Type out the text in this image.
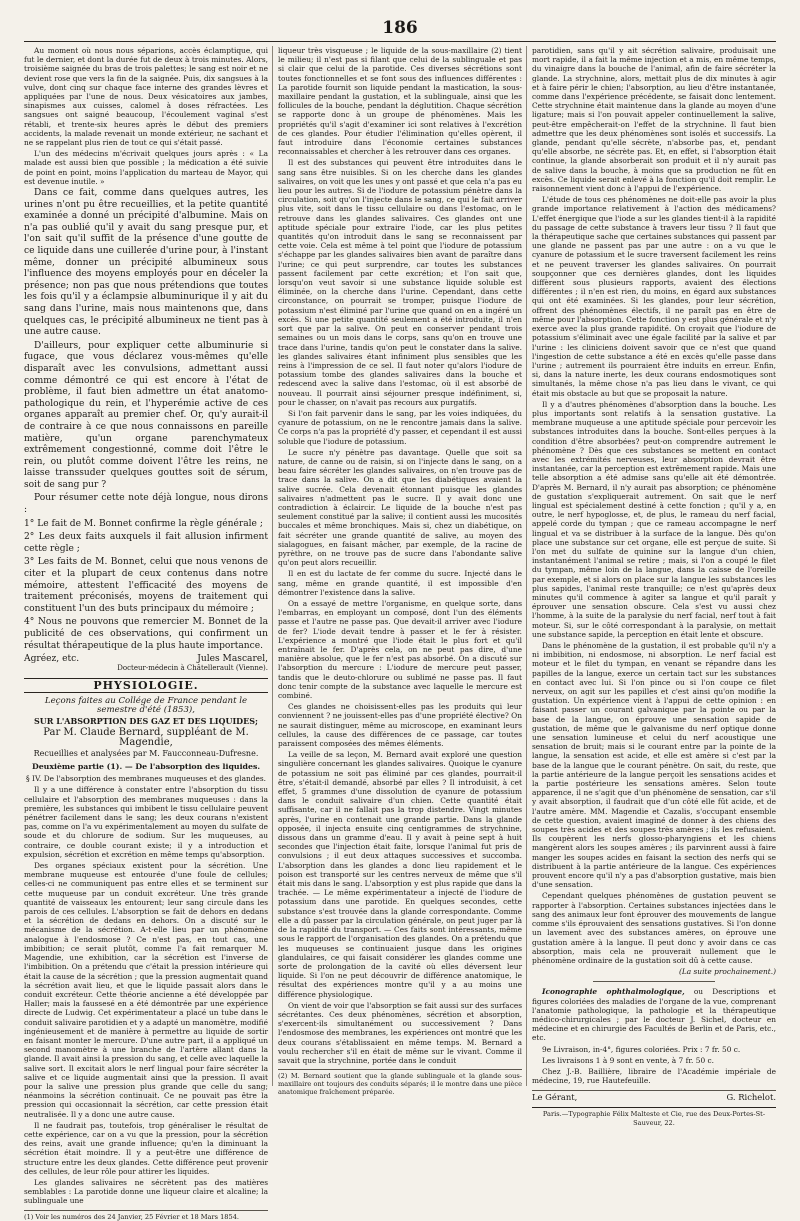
186

Au moment où nous nous séparions, accès éclamptique, qui fut le dernier, et dont la durée fut de deux à trois minutes. Alors, troisième saignée du bras de trois palettes; le sang est noir et ne devient rose que vers la fin de la saignée. Puis, dix sangsues à la vulve, dont cinq sur chaque face interne des grandes lèvres et appliquées par l'une de nous. Deux vésicatoires aux jambes, sinapismes aux cuisses, calomel à doses réfractées. Les sangsues ont saigné beaucoup, l'écoulement vaginal s'est rétabli, et trente-six heures après le début des premiers accidents, la malade revenait un monde extérieur, ne sachant et ne se rappelant plus rien de tout ce qui s'était passé.

L'un des médecins m'écrivait quelques jours après : « La malade est aussi bien que possible ; la médication a été suivie de point en point, moins l'application du marteau de Mayor, qui est devenue inutile. »

Dans ce fait, comme dans quelques autres, les urines n'ont pu être recueillies, et la petite quantité examinée a donné un précipité d'albumine. Mais on n'a pas oublié qu'il y avait du sang presque pur, et l'on sait qu'il suffit de la présence d'une goutte de ce liquide dans une cuillerée d'urine pour, à l'instant même, donner un précipité albumineux sous l'influence des moyens employés pour en déceler la présence; non pas que nous prétendions que toutes les fois qu'il y a éclampsie albuminurique il y ait du sang dans l'urine, mais nous maintenons que, dans quelques cas, le précipité albumineux ne tient pas à une autre cause.

D'ailleurs, pour expliquer cette albuminurie si fugace, que vous déclarez vous-mêmes qu'elle disparaît avec les convulsions, admettant aussi comme démontré ce qui est encore à l'état de problème, il faut bien admettre un état anatomo-pathologique du rein, et l'hyperémie active de ces organes apparaît au premier chef. Or, qu'y aurait-il de contraire à ce que nous connaissons en pareille matière, qu'un organe parenchymateux extrêmement congestionné, comme doit l'être le rein, ou plutôt comme doivent l'être les reins, ne laisse transsuder quelques gouttes soit de sérum, soit de sang pur ?

Pour résumer cette note déjà longue, nous dirons :

1° Le fait de M. Bonnet confirme la règle générale ;
2° Les deux faits auxquels il fait allusion infirment cette règle ;
3° Les faits de M. Bonnet, celui que nous venons de citer et la plupart de ceux contenus dans notre mémoire, attestent l'efficacité des moyens de traitement préconisés, moyens de traitement qui constituent l'un des buts principaux du mémoire ;
4° Nous ne pouvons que remercier M. Bonnet de la publicité de ces observations, qui confirment un résultat thérapeutique de la plus haute importance.
Agréez, etc.	Jules Mascarel,
Docteur-médecin à Châtellerault (Vienne).
PHYSIOLOGIE.
Leçons faites au Collége de France pendant le semestre d'été (1853),
SUR L'ABSORPTION DES GAZ ET DES LIQUIDES;
Par M. Claude Bernard, suppléant de M. Magendie,
Recueillies et analysées par M. Faucconneau-Dufresne.
Deuxième partie (1). — De l'absorption des liquides.

§ IV. De l'absorption des membranes muqueuses et des glandes.

Il y a une différence à constater entre l'absorption du tissu cellulaire et l'absorption des membranes muqueuses : dans la première, les substances qui imbibent le tissu cellulaire peuvent pénétrer facilement dans le sang; les deux courans n'existent pas, comme on l'a vu expérimentalement au moyen du sulfate de soude et du chlorure de sodium. Sur les muqueuses, au contraire, ce double courant existe; il y a introduction et expulsion, sécrétion et excrétion en même temps qu'absorption.

Des organes spéciaux existent pour la sécrétion. Une membrane muqueuse est entourée d'une foule de cellules; celles-ci ne communiquent pas entre elles et se terminent sur cette muqueuse par un conduit excréteur. Une très grande quantité de vaisseaux les entourent; leur sang circule dans les parois de ces cellules. L'absorption se fait de dehors en dedans et la sécrétion de dedans en dehors. On a discuté sur le mécanisme de la sécrétion. A-t-elle lieu par un phénomène analogue à l'endosmose ? Ce n'est pas, en tout cas, une imbibition; ce serait plutôt, comme l'a fait remarquer M. Magendie, une exhibition, car la sécrétion est l'inverse de l'imbibition. On a prétendu que c'était la pression intérieure qui était la cause de la sécrétion ; que la pression augmentait quand la sécrétion avait lieu, et que le liquide passait alors dans le conduit excréteur. Cette théorie ancienne a été développée par Haller; mais la faussesé en a été démontrée par une expérience directe de Ludwig. Cet expérimentateur a placé un tube dans le conduit salivaire parotidien et y a adapté un manomètre, modifié ingénieusement et de manière à permettre au liquide de sortir en faisant monter le mercure. D'une autre part, il a appliqué un second manomètre à une branche de l'artère allant dans la glande. Il avait ainsi la pression du sang, et celle avec laquelle la salive sort. Il excitait alors le nerf lingual pour faire sécréter la salive et ce liquide augmentait ainsi que la pression. Il avait pour la salive une pression plus grande que celle du sang; néanmoins la sécrétion continuait. Ce ne pouvait pas être la pression qui occasionnait la sécrétion, car cette pression était neutralisée. Il y a donc une autre cause.

Il ne faudrait pas, toutefois, trop généraliser le résultat de cette expérience, car on a vu que la pression, pour la sécrétion des reins, avait une grande influence; qu'en la diminuant la sécrétion était moindre. Il y a peut-être une différence de structure entre les deux glandes. Cette différence peut provenir des cellules, de leur rôle pour attirer les liquides.

Les glandes salivaires ne sécrètent pas des matières semblables : La parotide donne une liqueur claire et alcaline; la sublinguale une

(1) Voir les numéros des 24 Janvier, 25 Février et 18 Mars 1854.

liqueur très visqueuse ; le liquide de la sous-maxillaire (2) tient le milieu; il n'est pas si filant que celui de la sublinguale et pas si clair que celui de la parotide. Ces diverses sécrétions sont toutes fonctionnelles et se font sous des influences différentes : La parotide fournit son liquide pendant la mastication, la sous-maxillaire pendant la gustation, et la sublinguale, ainsi que les follicules de la bouche, pendant la déglutition. Chaque sécrétion se rapporte donc à un groupe de phénomènes. Mais les propriétés qu'il s'agit d'examiner ici sont relatives à l'excrétion de ces glandes. Pour étudier l'élimination qu'elles opèrent, il faut introduire dans l'économie certaines substances reconnaissables et chercher à les retrouver dans ces organes.

Il est des substances qui peuvent être introduites dans le sang sans être nuisibles. Si on les cherche dans les glandes salivaires, on voit que les unes y ont passé et que cela n'a pas eu lieu pour les autres. Si de l'iodure de potassium pénètre dans la circulation, soit qu'on l'injecte dans le sang, ce qui le fait arriver plus vite, soit dans le tissu cellulaire ou dans l'estomac, on le retrouve dans les glandes salivaires. Ces glandes ont une aptitude spéciale pour extraire l'iode, car les plus petites quantités qu'on introduit dans le sang se reconnaissent par cette voie. Cela est même à tel point que l'iodure de potassium s'échappe par les glandes salivaires bien avant de paraître dans l'urine; ce qui peut surprendre, car toutes les substances passent facilement par cette excrétion; et l'on sait que, lorsqu'on veut savoir si une substance liquide soluble est éliminée, on la cherche dans l'urine. Cependant, dans cette circonstance, on pourrait se tromper, puisque l'iodure de potassium n'est éliminé par l'urine que quand on en a ingéré un excès. Si une petite quantité seulement a été introduite, il n'en sort que par la salive. On peut en conserver pendant trois semaines ou un mois dans le corps, sans qu'on en trouve une trace dans l'urine, tandis qu'on peut le constater dans la salive. les glandes salivaires étant infiniment plus sensibles que les reins à l'impression de ce sel. Il faut noter qu'alors l'iodure de potassium tombe des glandes salivaires dans la bouche et redescend avec la salive dans l'estomac, où il est absorbé de nouveau. Il pourrait ainsi séjourner presque indéfiniment, si, pour le chasser, on n'avait pas recours aux purgatifs.

Si l'on fait parvenir dans le sang, par les voies indiquées, du cyanure de potassium, on ne le rencontre jamais dans la salive. Ce corps n'a pas la propriété d'y passer, et cependant il est aussi soluble que l'iodure de potassium.

Le sucre n'y pénètre pas davantage. Quelle que soit sa nature, de canne ou de raisin, si on l'injecte dans le sang, on a beau faire sécréter les glandes salivaires, on n'en trouve pas de trace dans la salive. On a dit que les diabétiques avaient la salive sucrée. Cela devenait étonnant puisque les glandes salivaires n'admettent pas le sucre. Il y avait donc une contradiction à éclaircir. Le liquide de la bouche n'est pas seulement constitué par la salive; il contient aussi les mucosités buccales et même bronchiques. Mais si, chez un diabétique, on fait sécréter une grande quantité de salive, au moyen des sialagogues, en faisant mâcher, par exemple, de la racine de pyrèthre, on ne trouve pas de sucre dans l'abondante salive qu'on peut alors recueillir.

Il en est du lactate de fer comme du sucre. Injecté dans le sang, même en grande quantité, il est impossible d'en démontrer l'existence dans la salive.

On a essayé de mettre l'organisme, en quelque sorte, dans l'embarras, en employant un composé, dont l'un des éléments passe et l'autre ne passe pas. Que devait-il arriver avec l'iodure de fer? L'iode devait tendre à passer et le fer à résister. L'expérience a montré que l'iode était le plus fort et qu'il entraînait le fer. D'après cela, on ne peut pas dire, d'une manière absolue, que le fer n'est pas absorbé. On a discuté sur l'absorption du mercure : L'iodure de mercure peut passer, tandis que le deuto-chlorure ou sublimé ne passe pas. Il faut donc tenir compte de la substance avec laquelle le mercure est combiné.

Ces glandes ne choisissent-elles pas les produits qui leur conviennent ? ne jouissent-elles pas d'une propriété élective? On ne saurait distinguer, même au microscope, en examinant leurs cellules, la cause des différences de ce passage, car toutes paraissent composées des mêmes éléments.

La veille de sa leçon, M. Bernard avait exploré une question singulière concernant les glandes salivaires. Quoique le cyanure de potassium ne soit pas éliminé par ces glandes, pourrait-il être, s'était-il demandé, absorbé par elles ? Il introduisit, à cet effet, 5 grammes d'une dissolution de cyanure de potassium dans le conduit salivaire d'un chien. Cette quantité était suffisante, car il ne fallait pas la trop distendre. Vingt minutes après, l'urine en contenait une grande partie. Dans la glande opposée, il injecta ensuite cinq centigrammes de strychnine, dissous dans un gramme d'eau. Il y avait à peine sept à huit secondes que l'injection était faite, lorsque l'animal fut pris de convulsions ; il eut deux attaques successives et succomba. L'absorption dans les glandes a donc lieu rapidement et le poison est transporté sur les centres nerveux de même que s'il était mis dans le sang. L'absorption y est plus rapide que dans la trachée. — Le même expérimentateur a injecté de l'iodure de potassium dans une parotide. En quelques secondes, cette substance s'est trouvée dans la glande correspondante. Comme elle a dû passer par la circulation générale, on peut juger par là de la rapidité du transport. — Ces faits sont intéressants, même sous le rapport de l'organisation des glandes. On a prétendu que les muqueuses se continuaient jusque dans les origines glandulaires, ce qui faisait considérer les glandes comme une sorte de prolongation de la cavité où elles déversent leur liquide. Si l'on ne peut découvrir de différence anatomique, le résultat des expériences montre qu'il y a au moins une différence physiologique.

On vient de voir que l'absorption se fait aussi sur des surfaces sécrétantes. Ces deux phénomènes, sécrétion et absorption, s'exercent-ils simultanément ou successivement ? Dans l'endosmose des membranes, les expériences ont montré que les deux courans s'établissaient en même temps. M. Bernard a voulu rechercher s'il en était de même sur le vivant. Comme il savait que la strychnine, portée dans le conduit

(2) M. Bernard soutient que la glande sublinguale et la glande sous-maxillaire ont toujours des conduits séparés; il le montre dans une pièce anatomique fraîchement préparée.

parotidien, sans qu'il y ait sécrétion salivaire, produisait une mort rapide, il a fait la même injection et a mis, en même temps, du vinaigre dans la bouche de l'animal, afin de faire sécréter la glande. La strychnine, alors, mettait plus de dix minutes à agir et à faire périr le chien; l'absorption, au lieu d'être instantanée, comme dans l'expérience précédente, se faisait donc lentement. Cette strychnine était maintenue dans la glande au moyen d'une ligature; mais si l'on pouvait appeler continuellement la salive, peut-être empêcherait-on l'effet de la strychnine. Il faut bien admettre que les deux phénomènes sont isolés et successifs. La glande, pendant qu'elle sécrète, n'absorbe pas, et, pendant qu'elle absorbe, ne sécrète pas. Et, en effet, si l'absorption était continue, la glande absorberait son produit et il n'y aurait pas de salive dans la bouche, à moins que sa production ne fût en excès. Ce liquide serait enlevé à la fonction qu'il doit remplir. Le raisonnement vient donc à l'appui de l'expérience.

L'étude de tous ces phénomènes ne doit-elle pas avoir la plus grande importance relativement à l'action des médicamens? L'effet énergique que l'iode a sur les glandes tient-il à la rapidité du passage de cette substance à travers leur tissu ? Il faut que la thérapeutique sache que certaines substances qui passent par une glande ne passent pas par une autre : on a vu que le cyanure de potassium et le sucre traversent facilement les reins et ne peuvent traverser les glandes salivaires. On pourrait soupçonner que ces dernières glandes, dont les liquides diffèrent sous plusieurs rapports, avaient des élections différentes ; il n'en est rien, du moins, en égard aux substances qui ont été examinées. Si les glandes, pour leur sécrétion, offrent des phénomènes électifs, il ne paraît pas en être de même pour l'absorption. Cette fonction y est plus générale et n'y exerce avec la plus grande rapidité. On croyait que l'iodure de potassium s'éliminait avec une égale facilité par la salive et par l'urine : les cliniciens doivent savoir que ce n'est que quand l'ingestion de cette substance a été en excès qu'elle passe dans l'urine ; autrement ils pourraient être induits en erreur. Enfin, si, dans la nature inerte, les deux courans endosmotiques sont simultanés, la même chose n'a pas lieu dans le vivant, ce qui était mis obstacle au but que se proposait la nature.

Il y a d'autres phénomènes d'absorption dans la bouche. Les plus importants sont relatifs à la sensation gustative. La membrane muqueuse a une aptitude spéciale pour percevoir les substances introduites dans la bouche. Sont-elles perçues à la condition d'être absorbées? peut-on comprendre autrement le phénomène ? Dès que ces substances se mettent en contact avec les extrémités nerveuses, leur absorption devrait être instantanée, car la perception est extrêmement rapide. Mais une telle absorption a été admise sans qu'elle ait été démontrée. D'après M. Bernard, il n'y aurait pas absorption; ce phénomène de gustation s'expliquerait autrement. On sait que le nerf lingual est spécialement destiné à cette fonction ; qu'il y a, en outre, le nerf hypoglosse, et, de plus, le rameau du nerf facial, appelé corde du tympan ; que ce rameau accompagne le nerf lingual et va se distribuer à la surface de la langue. Dès qu'on place une substance sur cet organe, elle est perçue de suite. Si l'on met du sulfate de quinine sur la langue d'un chien, instantanément l'animal se retire ; mais, si l'on a coupé le filet du tympan, même loin de la langue, dans la caisse de l'oreille par exemple, et si alors on place sur la langue les substances les plus sapides, l'animal reste tranquille; ce n'est qu'après deux minutes qu'il commence à agiter sa langue et qu'il paraît y éprouver une sensation obscure. Cela s'est vu aussi chez l'homme, à la suite de la paralysie du nerf facial, nerf tout à fait moteur. Si, sur le côté correspondant à la paralysie, on mettait une substance sapide, la perception en était lente et obscure.

Dans le phénomène de la gustation, il est probable qu'il n'y a ni imbibition, ni endosmose, ni absorption. Le nerf facial est moteur et le filet du tympan, en venant se répandre dans les papilles de la langue, exerce un certain tact sur les substances en contact avec lui. Si l'on pince ou si l'on coupe ce filet nerveux, on agit sur les papilles et c'est ainsi qu'on modifie la gustation. Un expérience vient à l'appui de cette opinion : en faisant passer un courant galvanique par la pointe ou par la base de la langue, on éprouve une sensation sapide de gustation, de même que le galvanisme du nerf optique donne une sensation lumineuse et celui du nerf acoustique une sensation de bruit; mais si le courant entre par la pointe de la langue, la sensation est acide, et elle est amère si c'est par la base de la langue que le courant pénètre. On sait, du reste, que la partie antérieure de la langue perçoit les sensations acides et la partie postérieure les sensations amères. Selon toute apparence, il ne s'agit que d'un phénomène de sensation, car s'il y avait absorption, il faudrait que d'un côté elle fût acide, et de l'autre amère. MM. Magendie et Cazalis, s'occupant ensemble de cette question, avaient imaginé de donner à des chiens des soupes très acides et des soupes très amères ; ils les refusaient. Ils coupèrent les nerfs glosso-pharyngiens et les chiens mangèrent alors les soupes amères ; ils parvinrent aussi à faire manger les soupes acides en faisant la section des nerfs qui se distribuent à la partie antérieure de la langue. Ces expériences prouvent encore qu'il n'y a pas d'absorption gustative, mais bien d'une sensation.

Cependant quelques phénomènes de gustation peuvent se rapporter à l'absorption. Certaines substances injectées dans le sang des animaux leur font éprouver des mouvements de langue comme s'ils éprouvaient des sensations gustatives. Si l'on donne un lavement avec des substances amères, on éprouve une gustation amère à la langue. Il peut donc y avoir dans ce cas absorption, mais cela ne prouverait nullement que le phénomène ordinaire de la gustation soit dû à cette cause.

(La suite prochainement.)

Iconographie ophthalmologique, ou Descriptions et figures coloriées des maladies de l'organe de la vue, comprenant l'anatomie pathologique, la pathologie et la thérapeutique médico-chirurgicales ; par le docteur J. Sichel, docteur en médecine et en chirurgie des Facultés de Berlin et de Paris, etc., etc.

9e Livraison, in-4°, figures coloriées. Prix : 7 fr. 50 c.

Les livraisons 1 à 9 sont en vente, à 7 fr. 50 c.

Chez J.-B. Baillière, libraire de l'Académie impériale de médecine, 19, rue Hautefeuille.

Le Gérant,	G. Richelot.
Paris.—Typographie Félix Malteste et Cie, rue des Deux-Portes-St-Sauveur, 22.
